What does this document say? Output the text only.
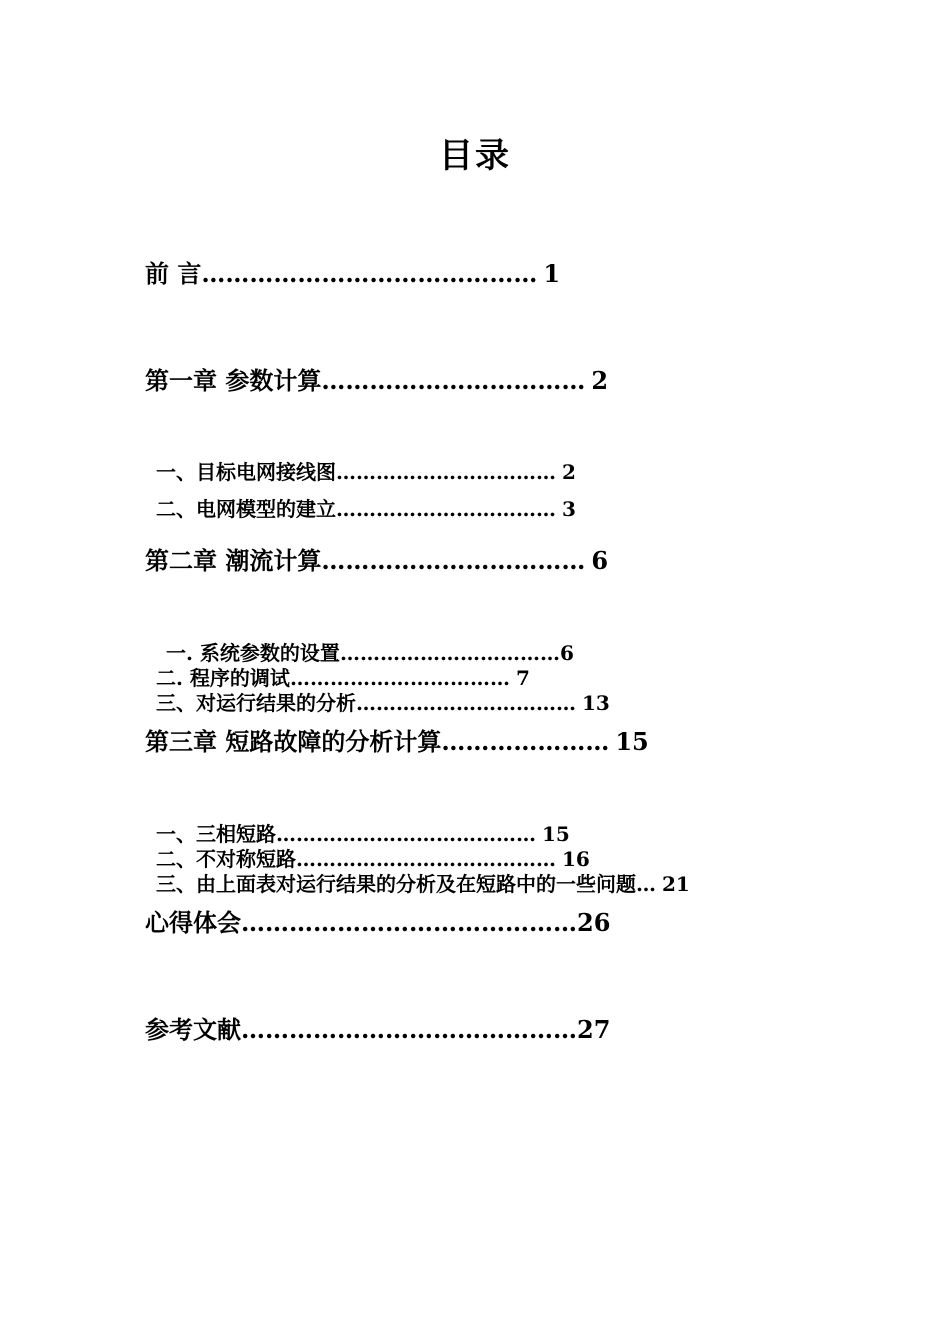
目录
前 言…………………………………… 1
第一章 参数计算…………………………… 2
一、目标电网接线图…………………………… 2
二、电网模型的建立…………………………… 3
第二章 潮流计算…………………………… 6
一. 系统参数的设置……………………………6
二. 程序的调试…………………………… 7
三、对运行结果的分析…………………………… 13
第三章 短路故障的分析计算………………… 15
一、三相短路………………………………… 15
二、不对称短路………………………………… 16
三、由上面表对运行结果的分析及在短路中的一些问题… 21
心得体会……………………………………26
参考文献……………………………………27
